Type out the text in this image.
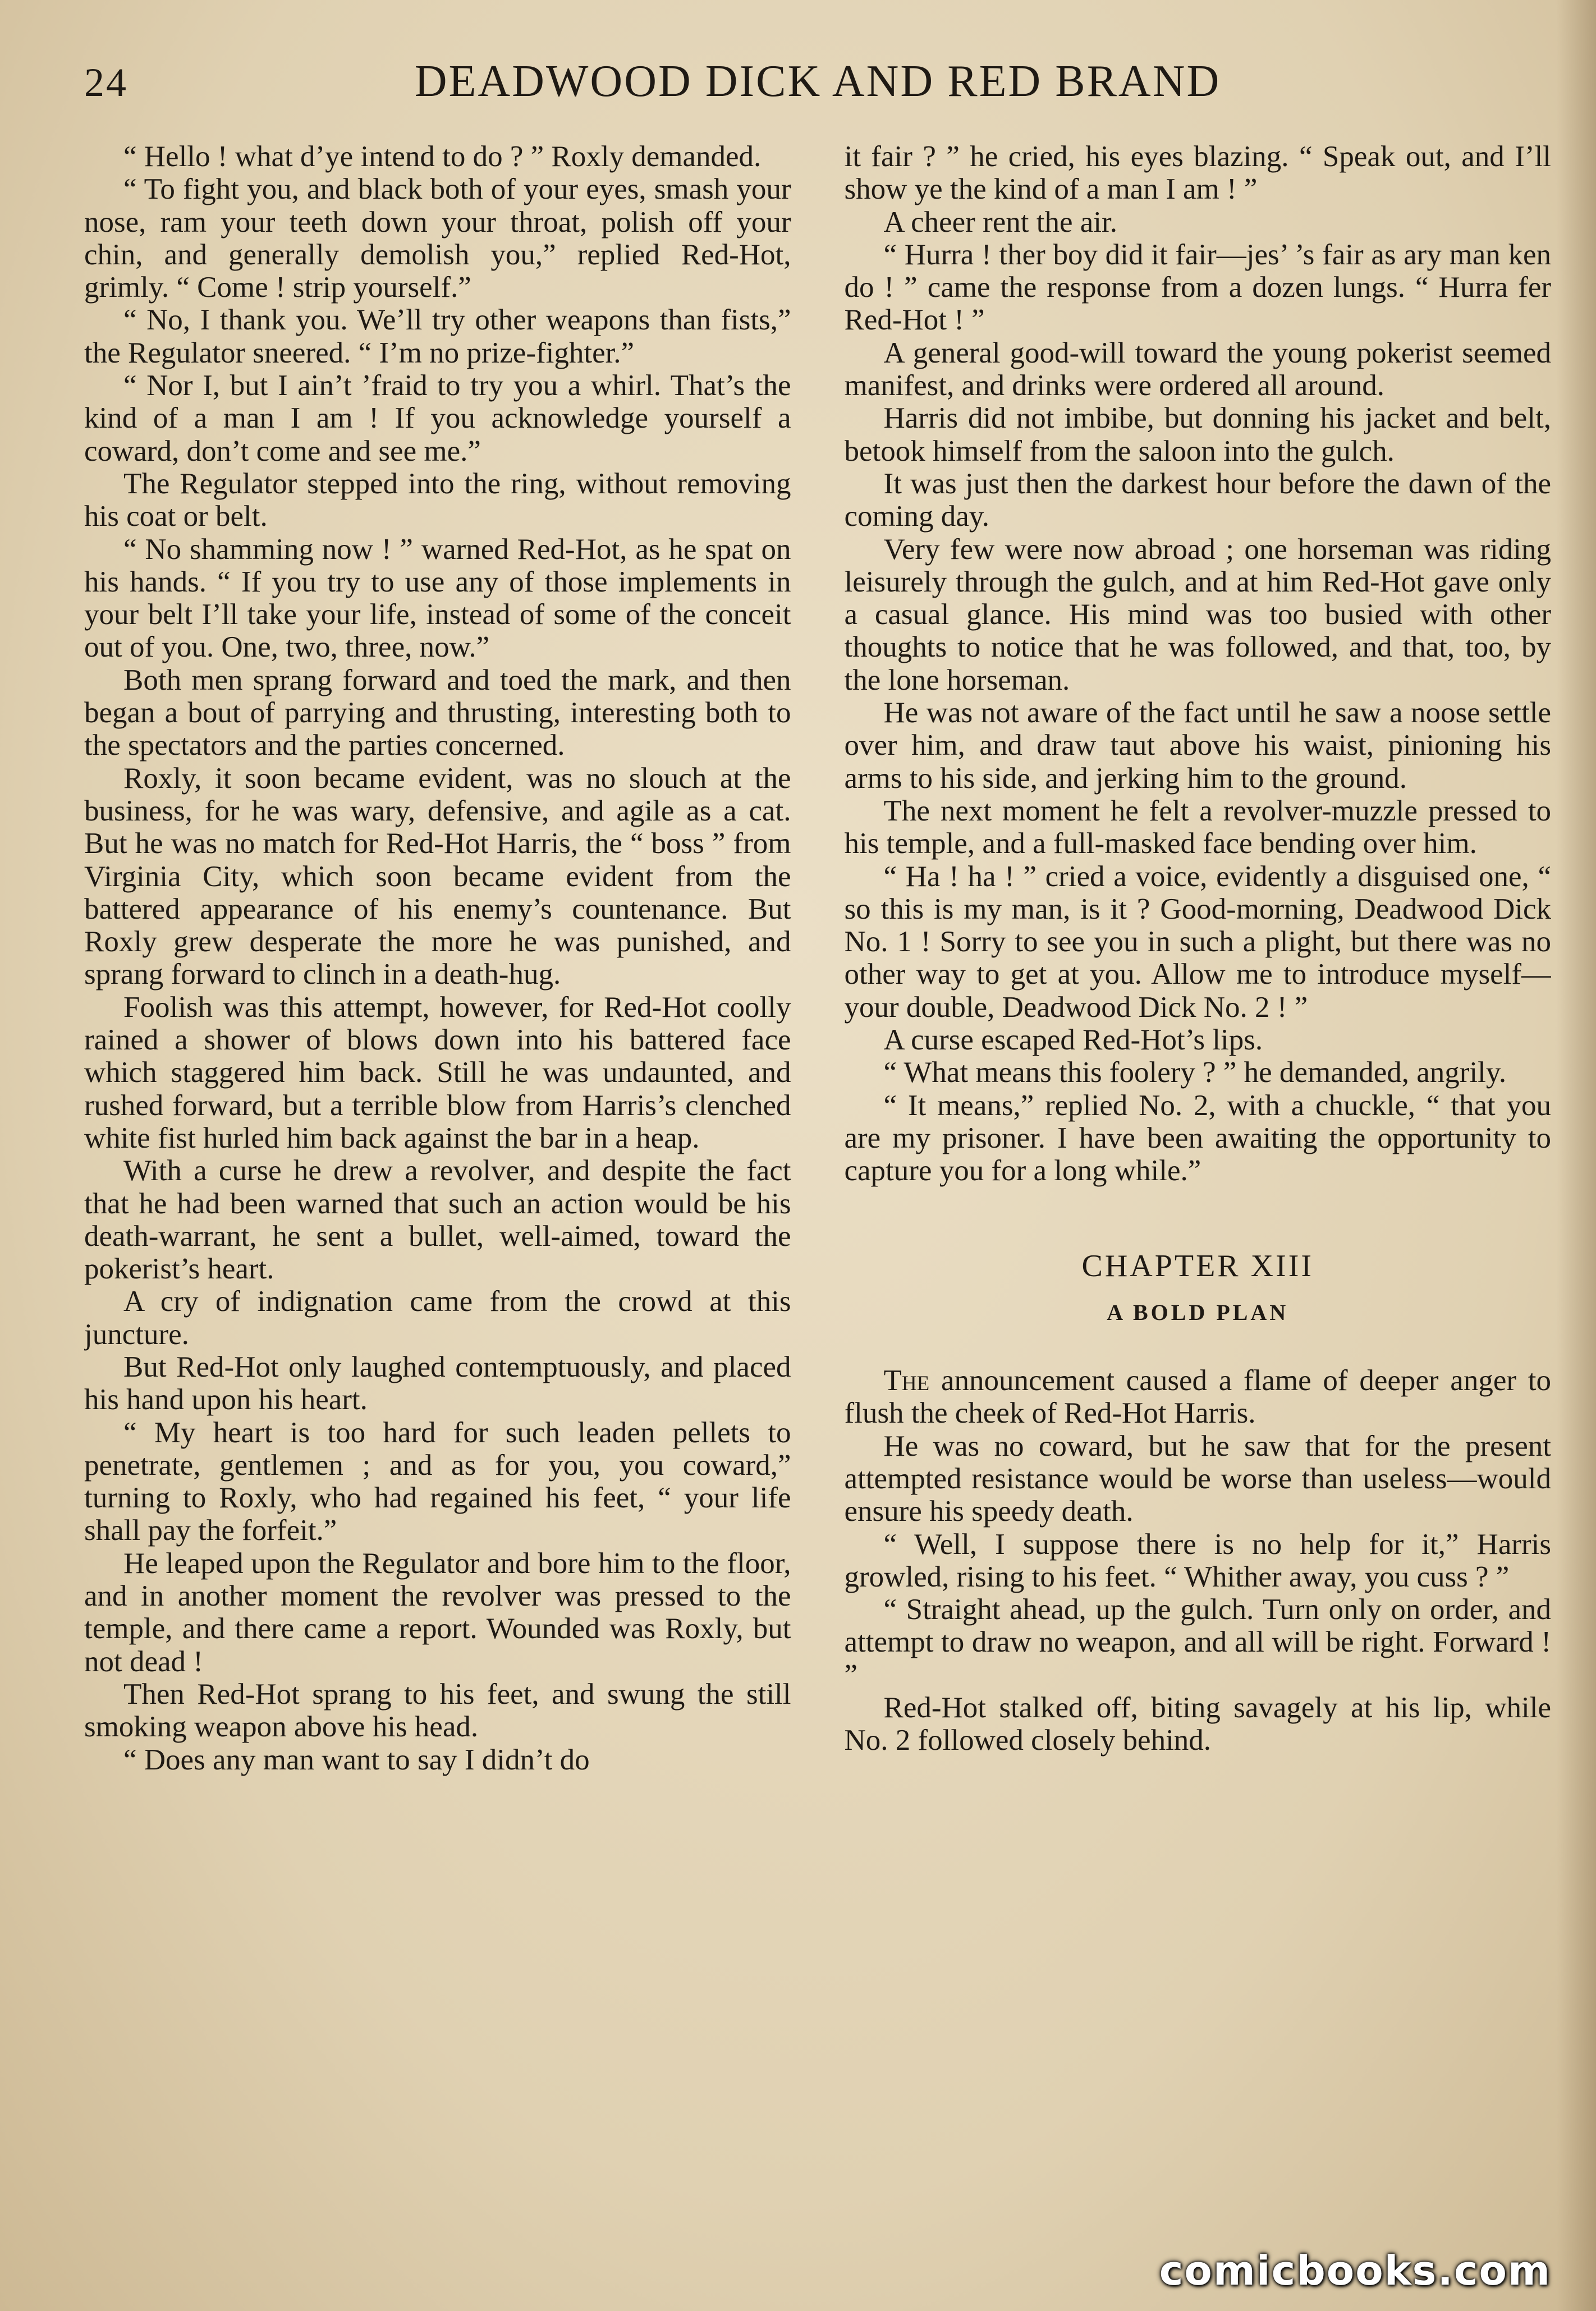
24	DEADWOOD DICK AND RED BRAND

“ Hello ! what d’ye intend to do ? ” Roxly demanded.

“ To fight you, and black both of your eyes, smash your nose, ram your teeth down your throat, polish off your chin, and generally demolish you,” replied Red-Hot, grimly. “ Come ! strip yourself.”

“ No, I thank you. We’ll try other weapons than fists,” the Regulator sneered. “ I’m no prize-fighter.”

“ Nor I, but I ain’t ’fraid to try you a whirl. That’s the kind of a man I am ! If you acknowledge yourself a coward, don’t come and see me.”

The Regulator stepped into the ring, without removing his coat or belt.

“ No shamming now ! ” warned Red-Hot, as he spat on his hands. “ If you try to use any of those implements in your belt I’ll take your life, instead of some of the conceit out of you. One, two, three, now.”

Both men sprang forward and toed the mark, and then began a bout of parrying and thrusting, interesting both to the spectators and the parties concerned.

Roxly, it soon became evident, was no slouch at the business, for he was wary, defensive, and agile as a cat. But he was no match for Red-Hot Harris, the “ boss ” from Virginia City, which soon became evident from the battered appearance of his enemy’s countenance. But Roxly grew desperate the more he was punished, and sprang forward to clinch in a death-hug.

Foolish was this attempt, however, for Red-Hot coolly rained a shower of blows down into his battered face which staggered him back. Still he was undaunted, and rushed forward, but a terrible blow from Harris’s clenched white fist hurled him back against the bar in a heap.

With a curse he drew a revolver, and despite the fact that he had been warned that such an action would be his death-warrant, he sent a bullet, well-aimed, toward the pokerist’s heart.

A cry of indignation came from the crowd at this juncture.

But Red-Hot only laughed contemptuously, and placed his hand upon his heart.

“ My heart is too hard for such leaden pellets to penetrate, gentlemen ; and as for you, you coward,” turning to Roxly, who had regained his feet, “ your life shall pay the forfeit.”

He leaped upon the Regulator and bore him to the floor, and in another moment the revolver was pressed to the temple, and there came a report. Wounded was Roxly, but not dead !

Then Red-Hot sprang to his feet, and swung the still smoking weapon above his head.

“ Does any man want to say I didn’t do

it fair ? ” he cried, his eyes blazing. “ Speak out, and I’ll show ye the kind of a man I am ! ”

A cheer rent the air.

“ Hurra ! ther boy did it fair—jes’ ’s fair as ary man ken do ! ” came the response from a dozen lungs. “ Hurra fer Red-Hot ! ”

A general good-will toward the young pokerist seemed manifest, and drinks were ordered all around.

Harris did not imbibe, but donning his jacket and belt, betook himself from the saloon into the gulch.

It was just then the darkest hour before the dawn of the coming day.

Very few were now abroad ; one horseman was riding leisurely through the gulch, and at him Red-Hot gave only a casual glance. His mind was too busied with other thoughts to notice that he was followed, and that, too, by the lone horseman.

He was not aware of the fact until he saw a noose settle over him, and draw taut above his waist, pinioning his arms to his side, and jerking him to the ground.

The next moment he felt a revolver-muzzle pressed to his temple, and a full-masked face bending over him.

“ Ha ! ha ! ” cried a voice, evidently a disguised one, “ so this is my man, is it ? Good-morning, Deadwood Dick No. 1 ! Sorry to see you in such a plight, but there was no other way to get at you. Allow me to introduce myself—your double, Deadwood Dick No. 2 ! ”

A curse escaped Red-Hot’s lips.

“ What means this foolery ? ” he demanded, angrily.

“ It means,” replied No. 2, with a chuckle, “ that you are my prisoner. I have been awaiting the opportunity to capture you for a long while.”

CHAPTER XIII
A BOLD PLAN

The announcement caused a flame of deeper anger to flush the cheek of Red-Hot Harris.

He was no coward, but he saw that for the present attempted resistance would be worse than useless—would ensure his speedy death.

“ Well, I suppose there is no help for it,” Harris growled, rising to his feet. “ Whither away, you cuss ? ”

“ Straight ahead, up the gulch. Turn only on order, and attempt to draw no weapon, and all will be right. Forward ! ”

Red-Hot stalked off, biting savagely at his lip, while No. 2 followed closely behind.

comicbooks.com
